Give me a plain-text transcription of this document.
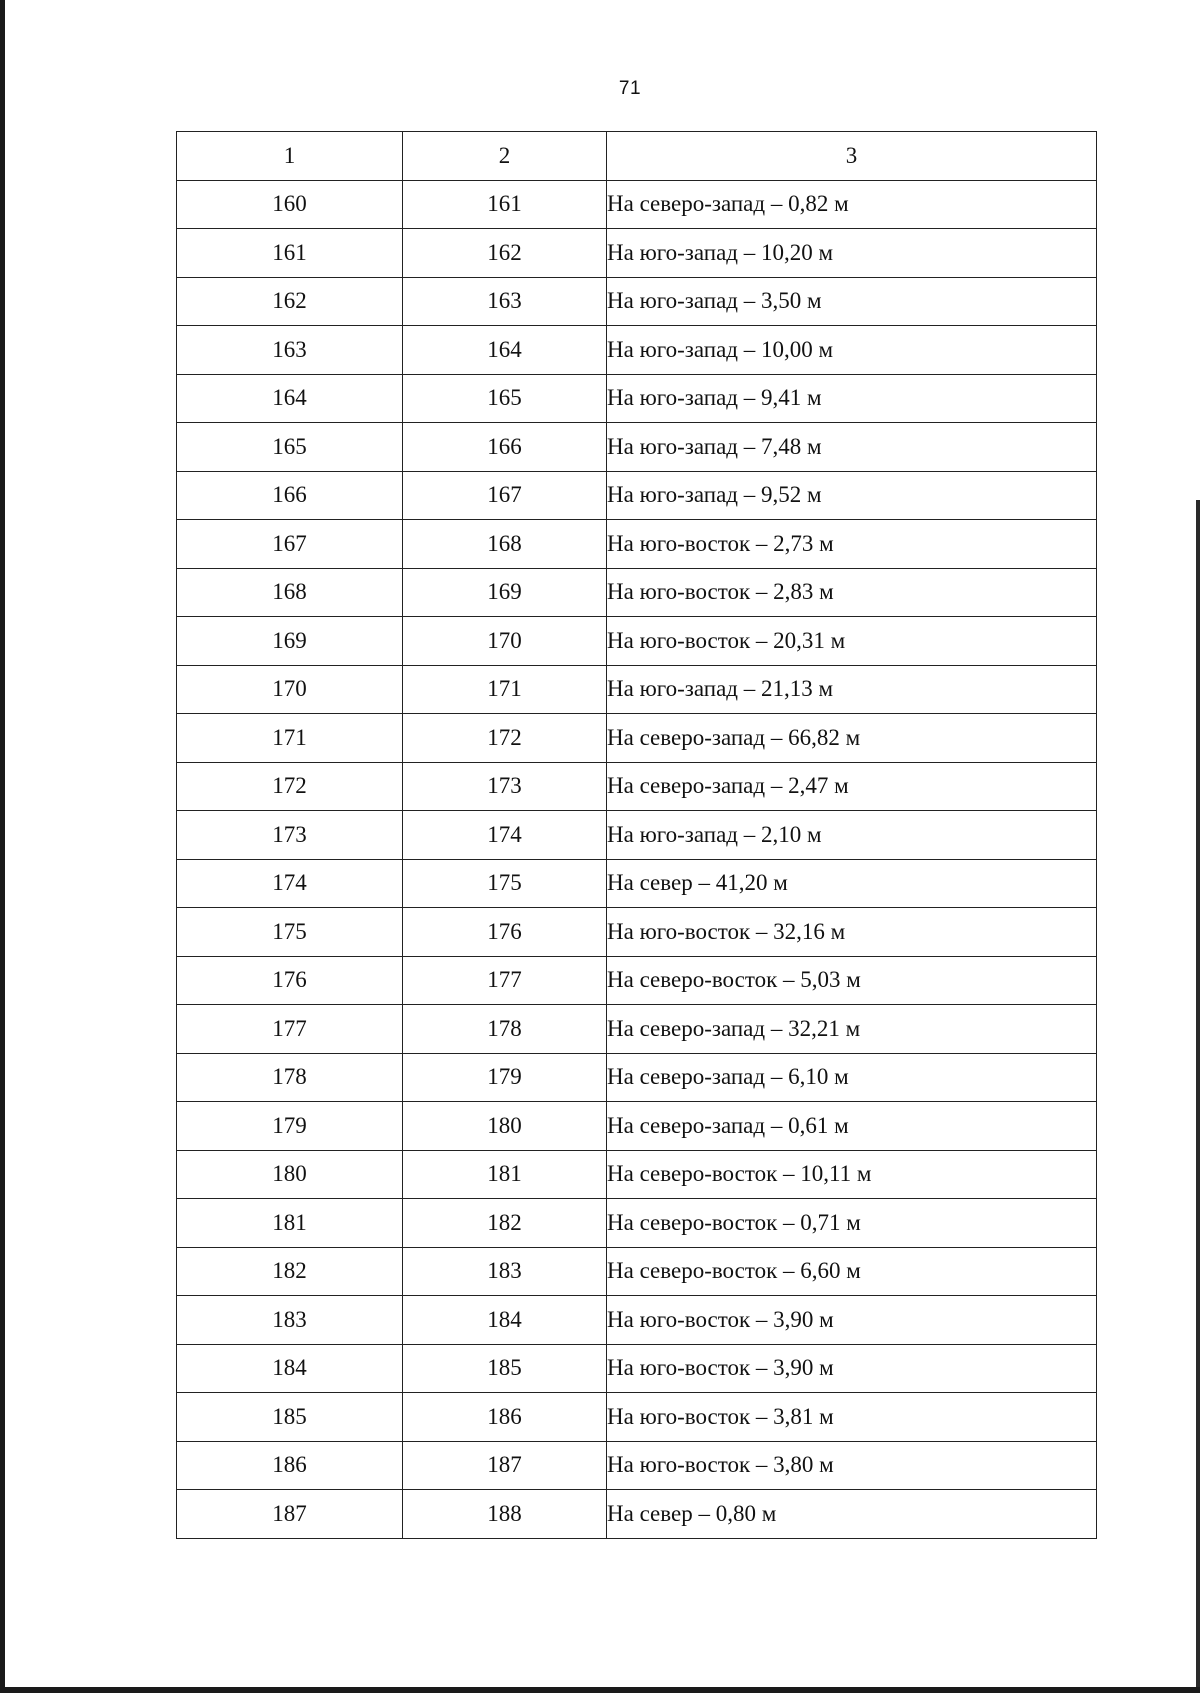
71
1	2	3
160	161	На северо-запад – 0,82 м
161	162	На юго-запад – 10,20 м
162	163	На юго-запад – 3,50 м
163	164	На юго-запад – 10,00 м
164	165	На юго-запад – 9,41 м
165	166	На юго-запад – 7,48 м
166	167	На юго-запад – 9,52 м
167	168	На юго-восток – 2,73 м
168	169	На юго-восток – 2,83 м
169	170	На юго-восток – 20,31 м
170	171	На юго-запад – 21,13 м
171	172	На северо-запад – 66,82 м
172	173	На северо-запад – 2,47 м
173	174	На юго-запад – 2,10 м
174	175	На север – 41,20 м
175	176	На юго-восток – 32,16 м
176	177	На северо-восток – 5,03 м
177	178	На северо-запад – 32,21 м
178	179	На северо-запад – 6,10 м
179	180	На северо-запад – 0,61 м
180	181	На северо-восток – 10,11 м
181	182	На северо-восток – 0,71 м
182	183	На северо-восток – 6,60 м
183	184	На юго-восток – 3,90 м
184	185	На юго-восток – 3,90 м
185	186	На юго-восток – 3,81 м
186	187	На юго-восток – 3,80 м
187	188	На север – 0,80 м
